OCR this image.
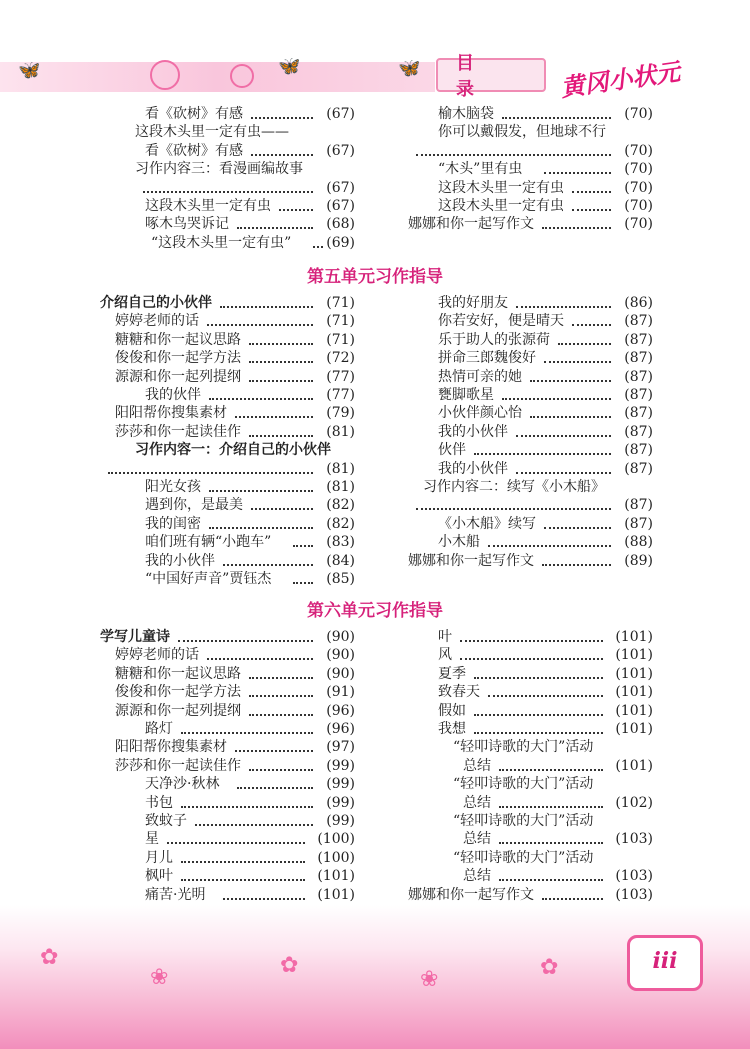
🦋	🦋	🦋	目 录	黄冈小状元
第五单元习作指导
第六单元习作指导
看《砍树》有感	(67)
这段木头里一定有虫——
看《砍树》有感	(67)
习作内容三：看漫画编故事
(67)
这段木头里一定有虫	(67)
啄木鸟哭诉记	(68)
“这段木头里一定有虫” (69)
榆木脑袋	(70)
你可以戴假发，但地球不行
(70)
“木头”里有虫	(70)
这段木头里一定有虫	(70)
这段木头里一定有虫	(70)
娜娜和你一起写作文	(70)
介绍自己的小伙伴	(71)
婷婷老师的话	(71)
糖糖和你一起议思路	(71)
俊俊和你一起学方法	(72)
源源和你一起列提纲	(77)
我的伙伴	(77)
阳阳帮你搜集素材	(79)
莎莎和你一起读佳作	(81)
习作内容一：介绍自己的小伙伴
(81)
阳光女孩	(81)
遇到你，是最美	(82)
我的闺密	(82)
咱们班有辆“小跑车”	(83)
我的小伙伴	(84)
“中国好声音”贾钰杰	(85)
我的好朋友	(86)
你若安好，便是晴天	(87)
乐于助人的张源荷	(87)
拼命三郎魏俊好	(87)
热情可亲的她	(87)
甕脚歌星	(87)
小伙伴颜心怡	(87)
我的小伙伴	(87)
伙伴	(87)
我的小伙伴	(87)
习作内容二：续写《小木船》
(87)
《小木船》续写	(87)
小木船	(88)
娜娜和你一起写作文	(89)
学写儿童诗	(90)
婷婷老师的话	(90)
糖糖和你一起议思路	(90)
俊俊和你一起学方法	(91)
源源和你一起列提纲	(96)
路灯	(96)
阳阳帮你搜集素材	(97)
莎莎和你一起读佳作	(99)
天净沙·秋林	(99)
书包	(99)
致蚊子	(99)
星	(100)
月儿	(100)
枫叶	(101)
痛苦·光明	(101)
叶	(101)
风	(101)
夏季	(101)
致春天	(101)
假如	(101)
我想	(101)
“轻叩诗歌的大门”活动
总结	(101)
“轻叩诗歌的大门”活动
总结	(102)
“轻叩诗歌的大门”活动
总结	(103)
“轻叩诗歌的大门”活动
总结	(103)
娜娜和你一起写作文	(103)
✿
❀	✿
❀	✿	iii
